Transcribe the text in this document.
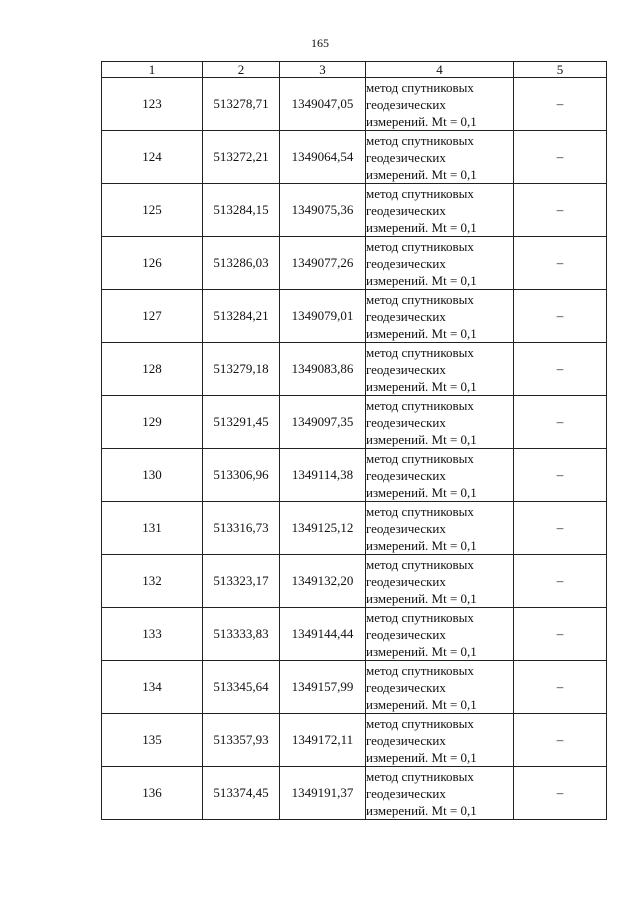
165
1	2	3	4	5
123	513278,71	1349047,05	метод спутниковых
геодезических
измерений. Mt = 0,1	–
124	513272,21	1349064,54	метод спутниковых
геодезических
измерений. Mt = 0,1	–
125	513284,15	1349075,36	метод спутниковых
геодезических
измерений. Mt = 0,1	–
126	513286,03	1349077,26	метод спутниковых
геодезических
измерений. Mt = 0,1	–
127	513284,21	1349079,01	метод спутниковых
геодезических
измерений. Mt = 0,1	–
128	513279,18	1349083,86	метод спутниковых
геодезических
измерений. Mt = 0,1	–
129	513291,45	1349097,35	метод спутниковых
геодезических
измерений. Mt = 0,1	–
130	513306,96	1349114,38	метод спутниковых
геодезических
измерений. Mt = 0,1	–
131	513316,73	1349125,12	метод спутниковых
геодезических
измерений. Mt = 0,1	–
132	513323,17	1349132,20	метод спутниковых
геодезических
измерений. Mt = 0,1	–
133	513333,83	1349144,44	метод спутниковых
геодезических
измерений. Mt = 0,1	–
134	513345,64	1349157,99	метод спутниковых
геодезических
измерений. Mt = 0,1	–
135	513357,93	1349172,11	метод спутниковых
геодезических
измерений. Mt = 0,1	–
136	513374,45	1349191,37	метод спутниковых
геодезических
измерений. Mt = 0,1	–
